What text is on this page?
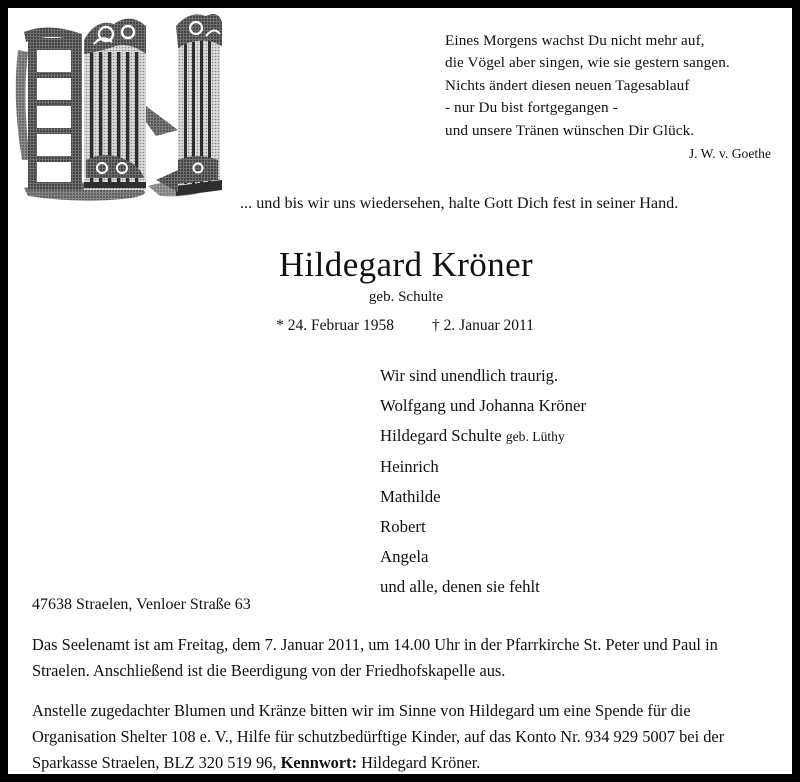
Eines Morgens wachst Du nicht mehr auf,
die Vögel aber singen, wie sie gestern sangen.
Nichts ändert diesen neuen Tagesablauf
- nur Du bist fortgegangen -
und unsere Tränen wünschen Dir Glück.
J. W. v. Goethe
... und bis wir uns wiedersehen, halte Gott Dich fest in seiner Hand.
Hildegard Kröner
geb. Schulte
* 24. Februar 1958 † 2. Januar 2011
Wir sind unendlich traurig.
Wolfgang und Johanna Kröner
Hildegard Schulte geb. Lüthy
Heinrich
Mathilde
Robert
Angela
und alle, denen sie fehlt
47638 Straelen, Venloer Straße 63
Das Seelenamt ist am Freitag, dem 7. Januar 2011, um 14.00 Uhr in der Pfarrkirche St. Peter und Paul in Straelen. Anschließend ist die Beerdigung von der Friedhofskapelle aus.
Anstelle zugedachter Blumen und Kränze bitten wir im Sinne von Hildegard um eine Spende für die Organisation Shelter 108 e. V., Hilfe für schutzbedürftige Kinder, auf das Konto Nr. 934 929 5007 bei der Sparkasse Straelen, BLZ 320 519 96, Kennwort: Hildegard Kröner.
